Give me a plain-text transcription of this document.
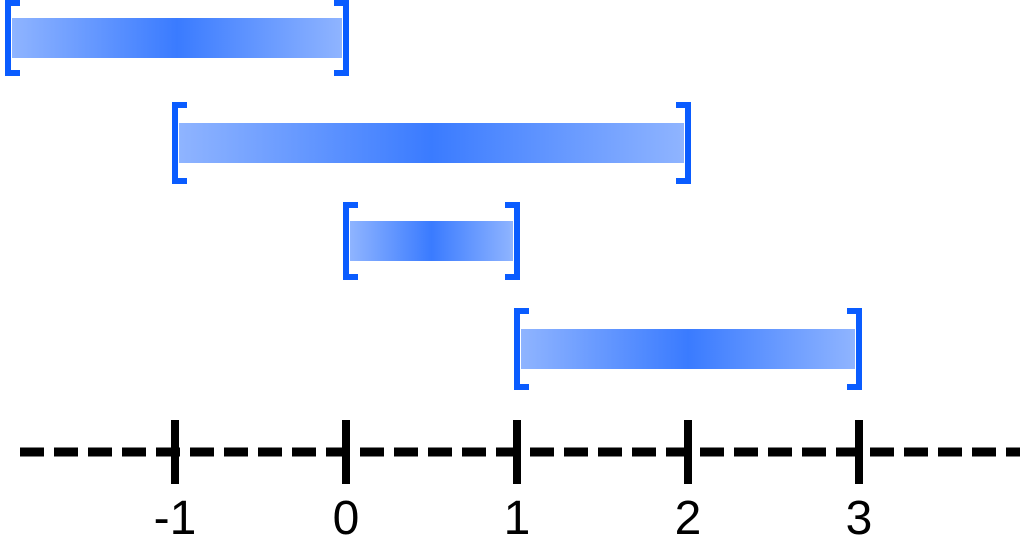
-1	0	1	2	3
